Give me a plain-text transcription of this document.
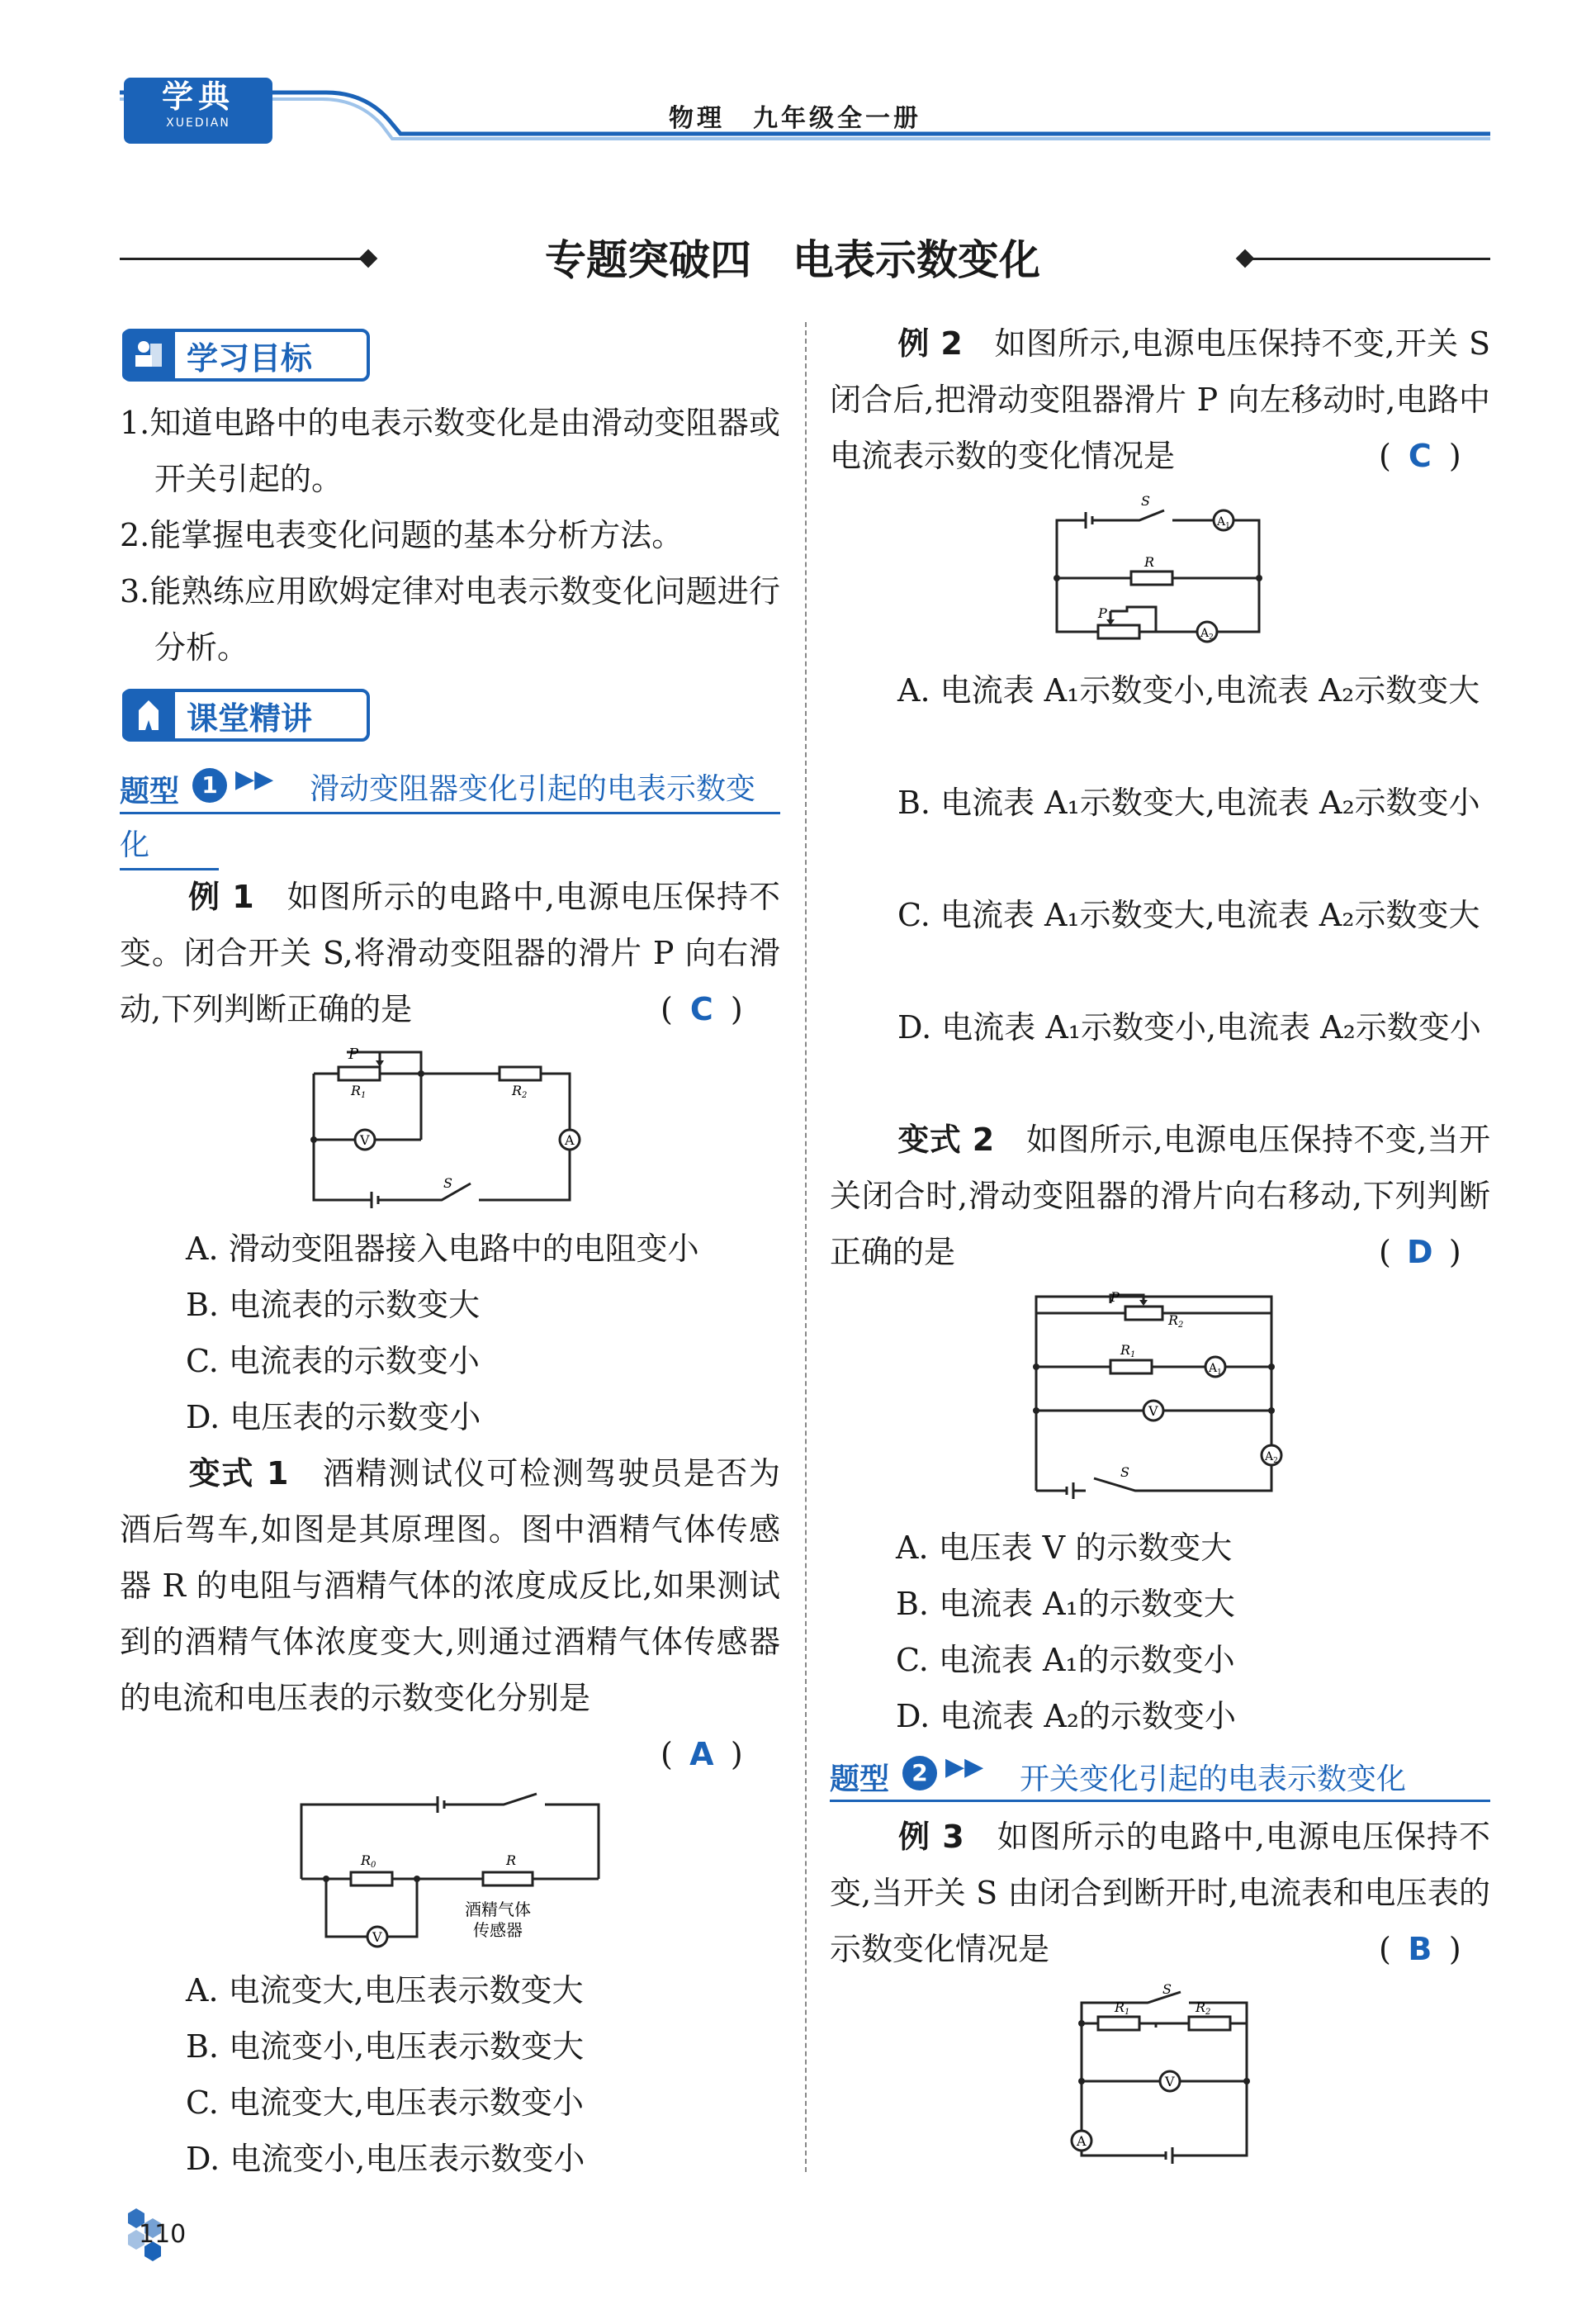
学典
XUEDIAN	物理　九年级全一册
专题突破四　电表示数变化
学习目标
1.知道电路中的电表示数变化是由滑动变阻器或开关引起的。
2.能掌握电表变化问题的基本分析方法。
3.能熟练应用欧姆定律对电表示数变化问题进行分析。
课堂精讲
题型 1 ▶▶	滑动变阻器变化引起的电表示数变化
例 1　 如图所示的电路中,电源电压保持不变。闭合开关 S,将滑动变阻器的滑片 P 向右滑动,下列判断正确的是	( C )
V	A
P
R1	R2
S
A. 滑动变阻器接入电路中的电阻变小
B. 电流表的示数变大
C. 电流表的示数变小
D. 电压表的示数变小
变式 1　 酒精测试仪可检测驾驶员是否为酒后驾车,如图是其原理图。图中酒精气体传感器 R 的电阻与酒精气体的浓度成反比,如果测试到的酒精气体浓度变大,则通过酒精气体传感器的电流和电压表的示数变化分别是
( A )
V
R0	R
酒精气体
传感器
A. 电流变大,电压表示数变大
B. 电流变小,电压表示数变大
C. 电流变大,电压表示数变小
D. 电流变小,电压表示数变小
例 2　 如图所示,电源电压保持不变,开关 S 闭合后,把滑动变阻器滑片 P 向左移动时,电路中电流表示数的变化情况是	( C )
$A_1$
$A_2$
S
R
P
A. 电流表 A₁示数变小,电流表 A₂示数变大
B. 电流表 A₁示数变大,电流表 A₂示数变小
C. 电流表 A₁示数变大,电流表 A₂示数变大
D. 电流表 A₁示数变小,电流表 A₂示数变小
变式 2　 如图所示,电源电压保持不变,当开关闭合时,滑动变阻器的滑片向右移动,下列判断正确的是	( D )
$A_1$
V
$A_2$
P
R2
R1
S
A. 电压表 V 的示数变大
B. 电流表 A₁的示数变大
C. 电流表 A₁的示数变小
D. 电流表 A₂的示数变小
题型 2 ▶▶ 开关变化引起的电表示数变化
例 3　 如图所示的电路中,电源电压保持不变,当开关 S 由闭合到断开时,电流表和电压表的示数变化情况是	( B )
V
A
R1	R2
S
110
